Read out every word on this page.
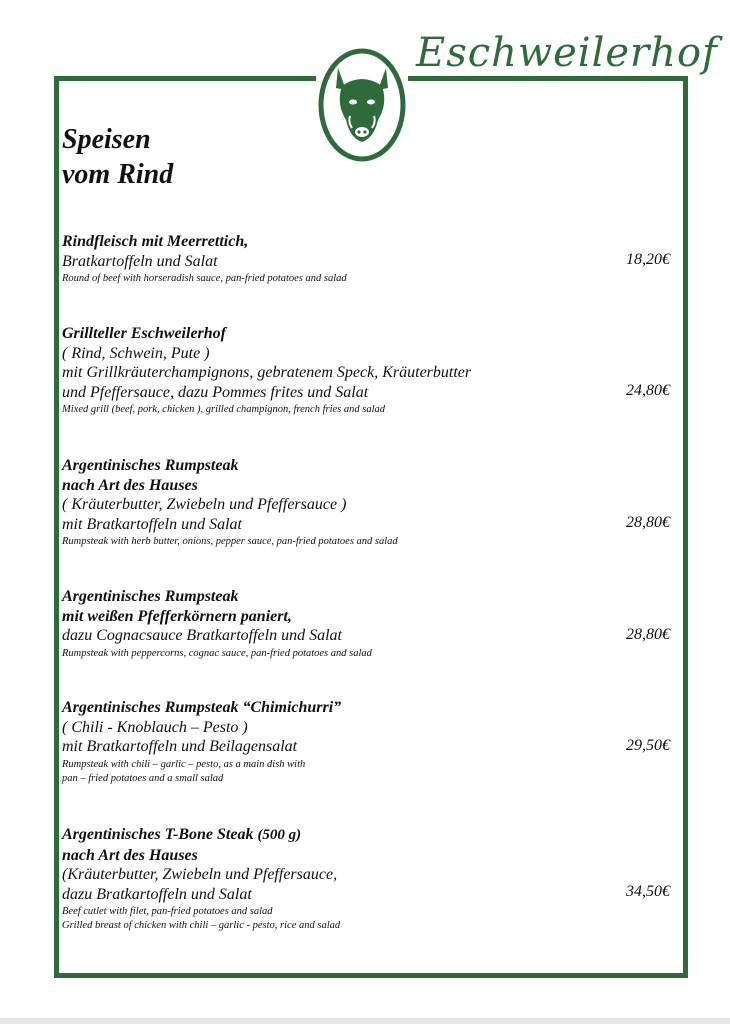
Eschweilerhof
Speisen
vom Rind
Rindfleisch mit Meerrettich,
Bratkartoffeln und Salat
Round of beef with horseradish sauce, pan-fried potatoes and salad
18,20€
Grillteller Eschweilerhof
( Rind, Schwein, Pute )
mit Grillkräuterchampignons, gebratenem Speck, Kräuterbutter
und Pfeffersauce, dazu Pommes frites und Salat
Mixed grill (beef, pork, chicken ), grilled champignon, french fries and salad
24,80€
Argentinisches Rumpsteak
nach Art des Hauses
( Kräuterbutter, Zwiebeln und Pfeffersauce )
mit Bratkartoffeln und Salat
Rumpsteak with herb butter, onions, pepper sauce, pan-fried potatoes and salad
28,80€
Argentinisches Rumpsteak
mit weißen Pfefferkörnern paniert,
dazu Cognacsauce Bratkartoffeln und Salat
Rumpsteak with peppercorns, cognac sauce, pan-fried potatoes and salad
28,80€
Argentinisches Rumpsteak “Chimichurri”
( Chili - Knoblauch – Pesto )
mit Bratkartoffeln und Beilagensalat
Rumpsteak with chili – garlic – pesto, as a main dish with
pan – fried potatoes and a small salad
29,50€
Argentinisches T-Bone Steak (500 g)
nach Art des Hauses
(Kräuterbutter, Zwiebeln und Pfeffersauce,
dazu Bratkartoffeln und Salat
Beef cutlet with filet, pan-fried potatoes and salad
Grilled breast of chicken with chili – garlic - pesto, rice and salad
34,50€
